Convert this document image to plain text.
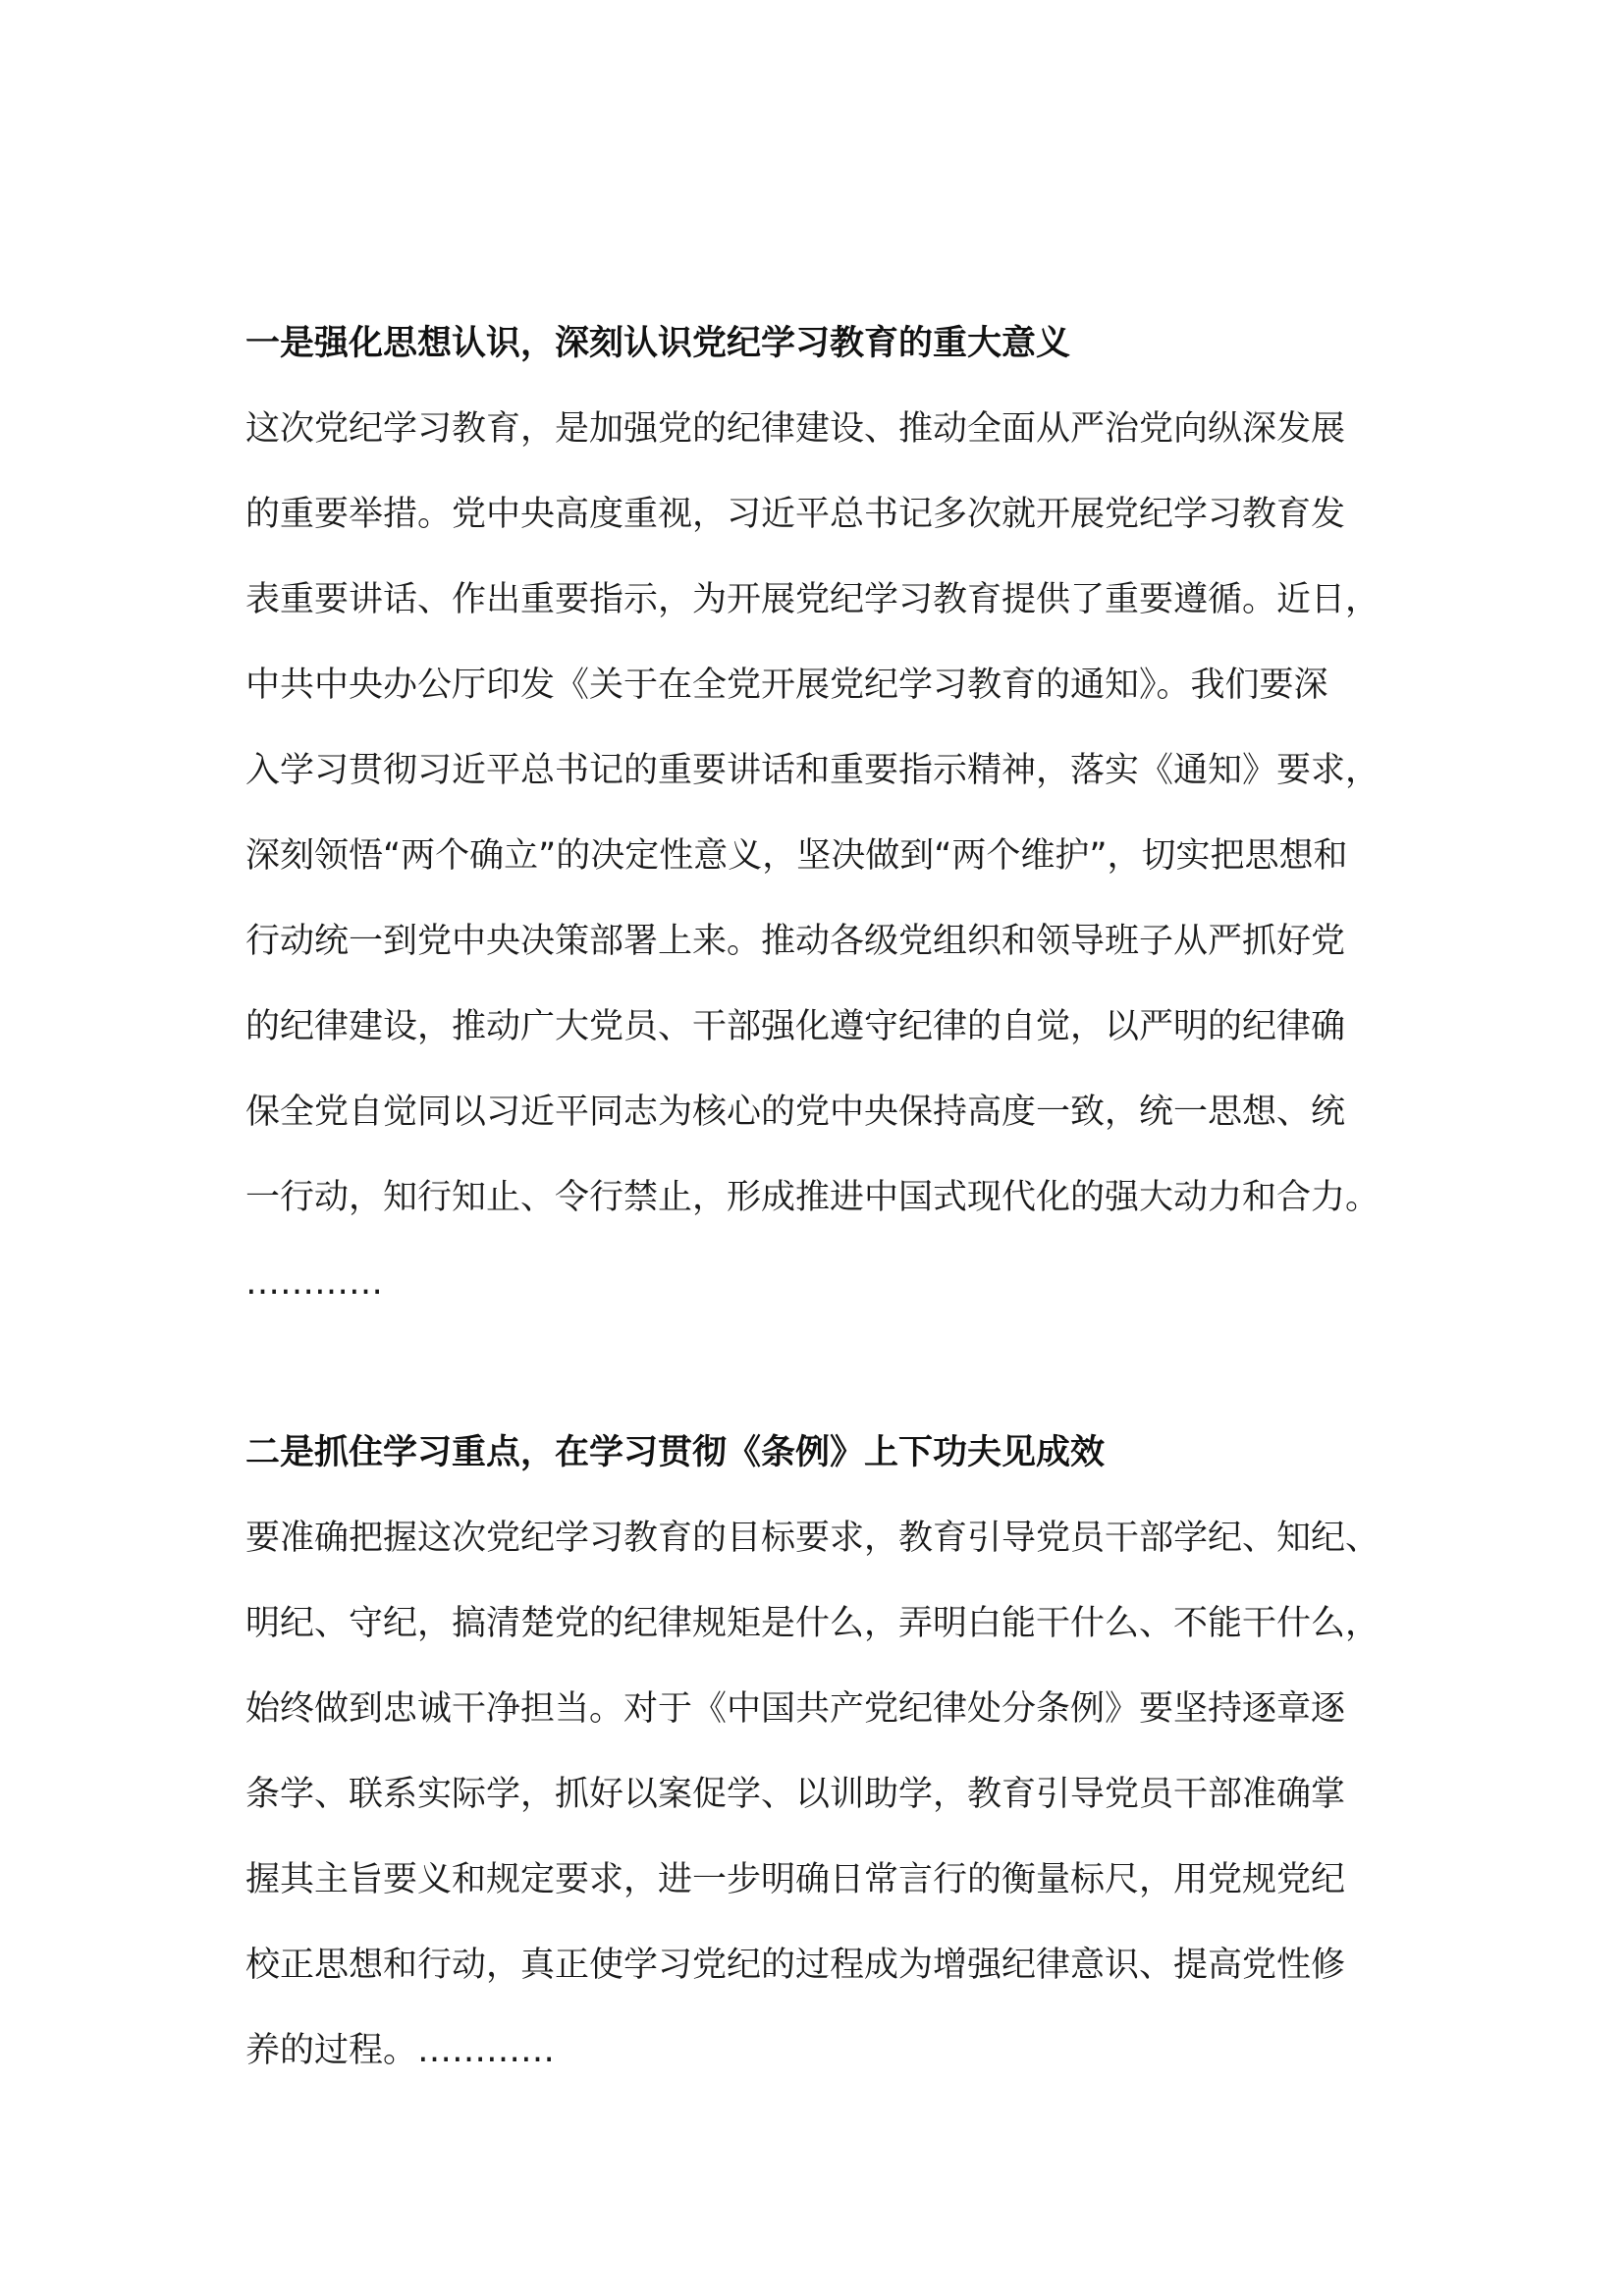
一是强化思想认识，深刻认识党纪学习教育的重大意义

这次党纪学习教育，是加强党的纪律建设、推动全面从严治党向纵深发展

的重要举措。党中央高度重视，习近平总书记多次就开展党纪学习教育发

表重要讲话、作出重要指示，为开展党纪学习教育提供了重要遵循。近日，

中共中央办公厅印发《关于在全党开展党纪学习教育的通知》。我们要深

入学习贯彻习近平总书记的重要讲话和重要指示精神，落实《通知》要求，

深刻领悟“两个确立”的决定性意义，坚决做到“两个维护”，切实把思想和

行动统一到党中央决策部署上来。推动各级党组织和领导班子从严抓好党

的纪律建设，推动广大党员、干部强化遵守纪律的自觉，以严明的纪律确

保全党自觉同以习近平同志为核心的党中央保持高度一致，统一思想、统

一行动，知行知止、令行禁止，形成推进中国式现代化的强大动力和合力。

…………

二是抓住学习重点，在学习贯彻《条例》上下功夫见成效

要准确把握这次党纪学习教育的目标要求，教育引导党员干部学纪、知纪、

明纪、守纪，搞清楚党的纪律规矩是什么，弄明白能干什么、不能干什么，

始终做到忠诚干净担当。对于《中国共产党纪律处分条例》要坚持逐章逐

条学、联系实际学，抓好以案促学、以训助学，教育引导党员干部准确掌

握其主旨要义和规定要求，进一步明确日常言行的衡量标尺，用党规党纪

校正思想和行动，真正使学习党纪的过程成为增强纪律意识、提高党性修

养的过程。…………
